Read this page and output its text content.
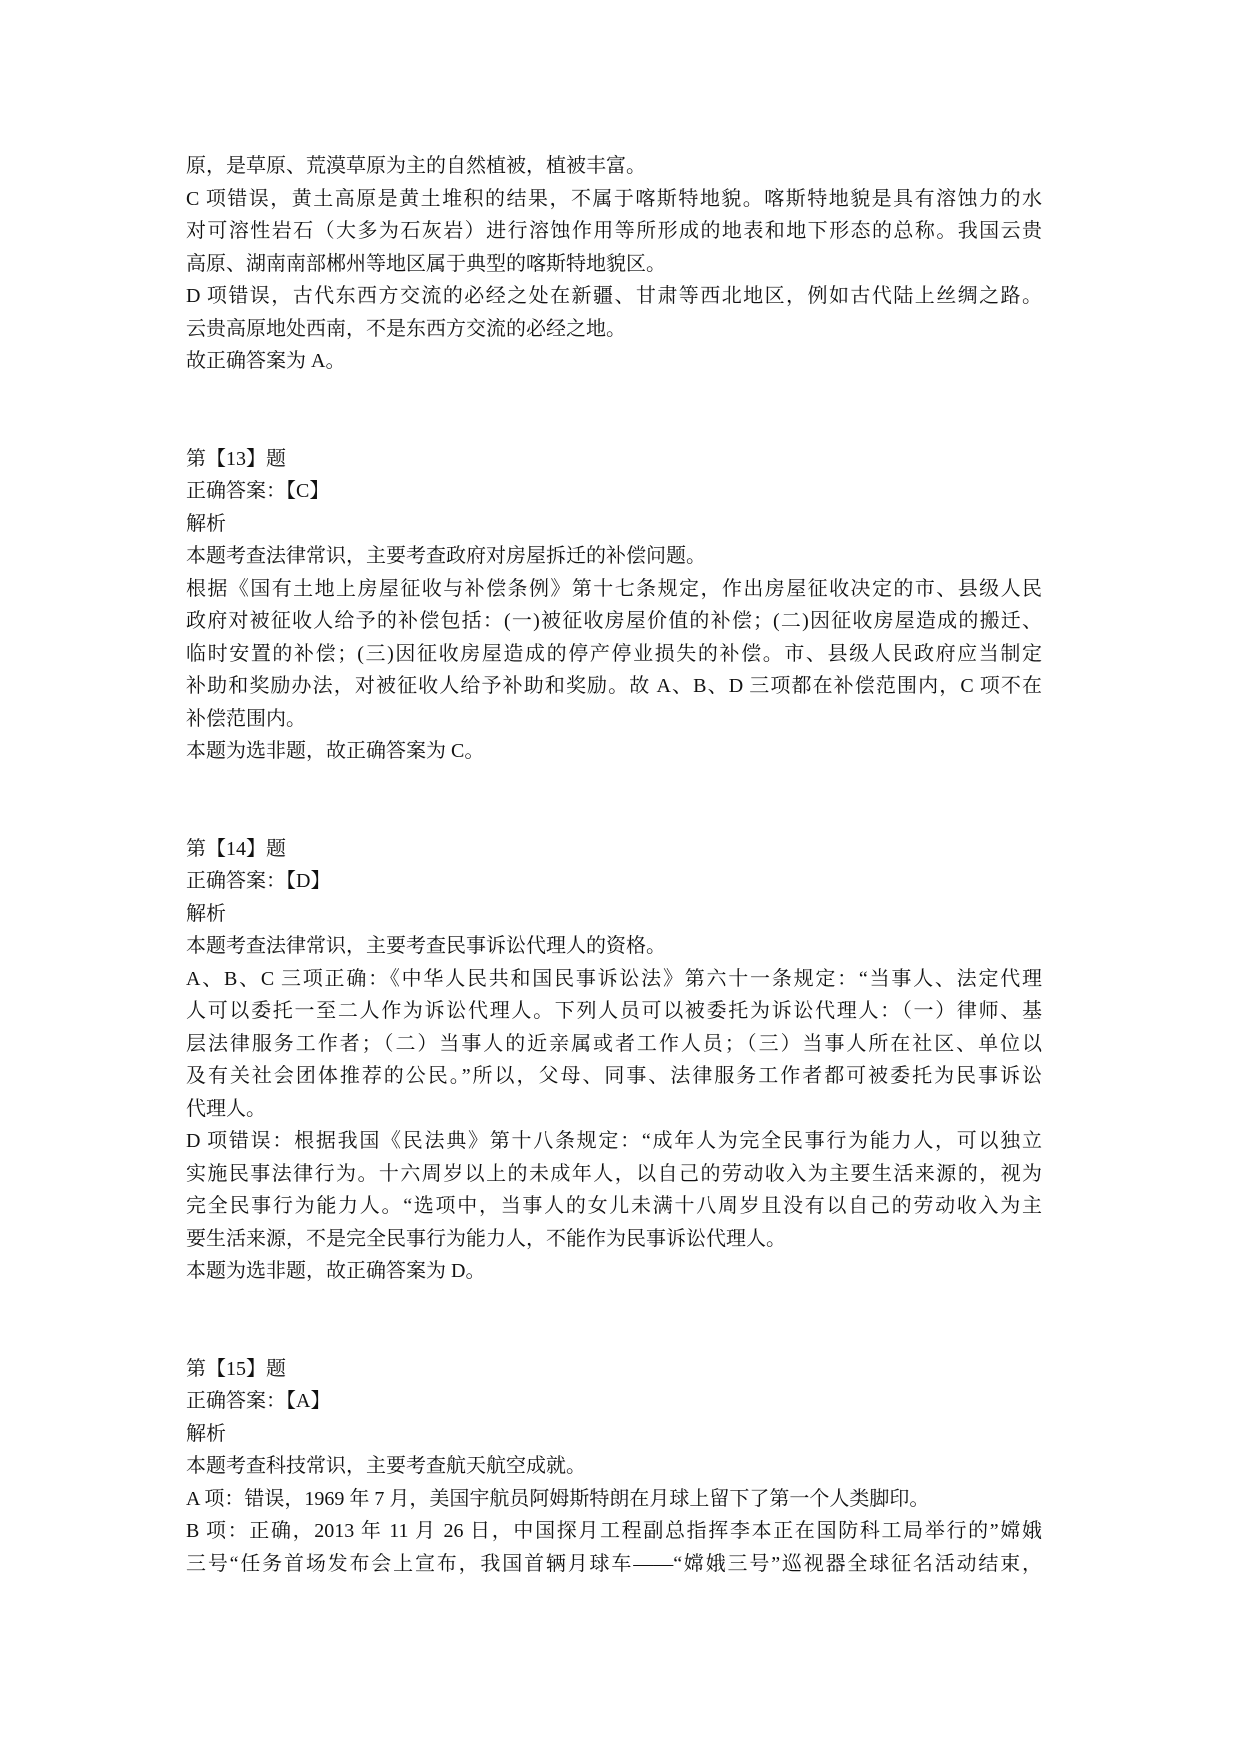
原，是草原、荒漠草原为主的自然植被，植被丰富。
C 项错误，黄土高原是黄土堆积的结果，不属于喀斯特地貌。喀斯特地貌是具有溶蚀力的水
对可溶性岩石（大多为石灰岩）进行溶蚀作用等所形成的地表和地下形态的总称。我国云贵
高原、湖南南部郴州等地区属于典型的喀斯特地貌区。
D 项错误，古代东西方交流的必经之处在新疆、甘肃等西北地区，例如古代陆上丝绸之路。
云贵高原地处西南，不是东西方交流的必经之地。
故正确答案为 A。
第【13】题
正确答案：【C】
解析
本题考查法律常识，主要考查政府对房屋拆迁的补偿问题。
根据《国有土地上房屋征收与补偿条例》第十七条规定，作出房屋征收决定的市、县级人民
政府对被征收人给予的补偿包括：(一)被征收房屋价值的补偿；(二)因征收房屋造成的搬迁、
临时安置的补偿；(三)因征收房屋造成的停产停业损失的补偿。市、县级人民政府应当制定
补助和奖励办法，对被征收人给予补助和奖励。故 A、B、D 三项都在补偿范围内，C 项不在
补偿范围内。
本题为选非题，故正确答案为 C。
第【14】题
正确答案：【D】
解析
本题考查法律常识，主要考查民事诉讼代理人的资格。
A、B、C 三项正确：《中华人民共和国民事诉讼法》第六十一条规定：“当事人、法定代理
人可以委托一至二人作为诉讼代理人。下列人员可以被委托为诉讼代理人：（一）律师、基
层法律服务工作者；（二）当事人的近亲属或者工作人员；（三）当事人所在社区、单位以
及有关社会团体推荐的公民。”所以，父母、同事、法律服务工作者都可被委托为民事诉讼
代理人。
D 项错误：根据我国《民法典》第十八条规定：“成年人为完全民事行为能力人，可以独立
实施民事法律行为。十六周岁以上的未成年人，以自己的劳动收入为主要生活来源的，视为
完全民事行为能力人。“选项中，当事人的女儿未满十八周岁且没有以自己的劳动收入为主
要生活来源，不是完全民事行为能力人，不能作为民事诉讼代理人。
本题为选非题，故正确答案为 D。
第【15】题
正确答案：【A】
解析
本题考查科技常识，主要考查航天航空成就。
A 项：错误，1969 年 7 月，美国宇航员阿姆斯特朗在月球上留下了第一个人类脚印。
B 项：正确，2013 年 11 月 26 日，中国探月工程副总指挥李本正在国防科工局举行的”嫦娥
三号“任务首场发布会上宣布，我国首辆月球车——“嫦娥三号”巡视器全球征名活动结束，
